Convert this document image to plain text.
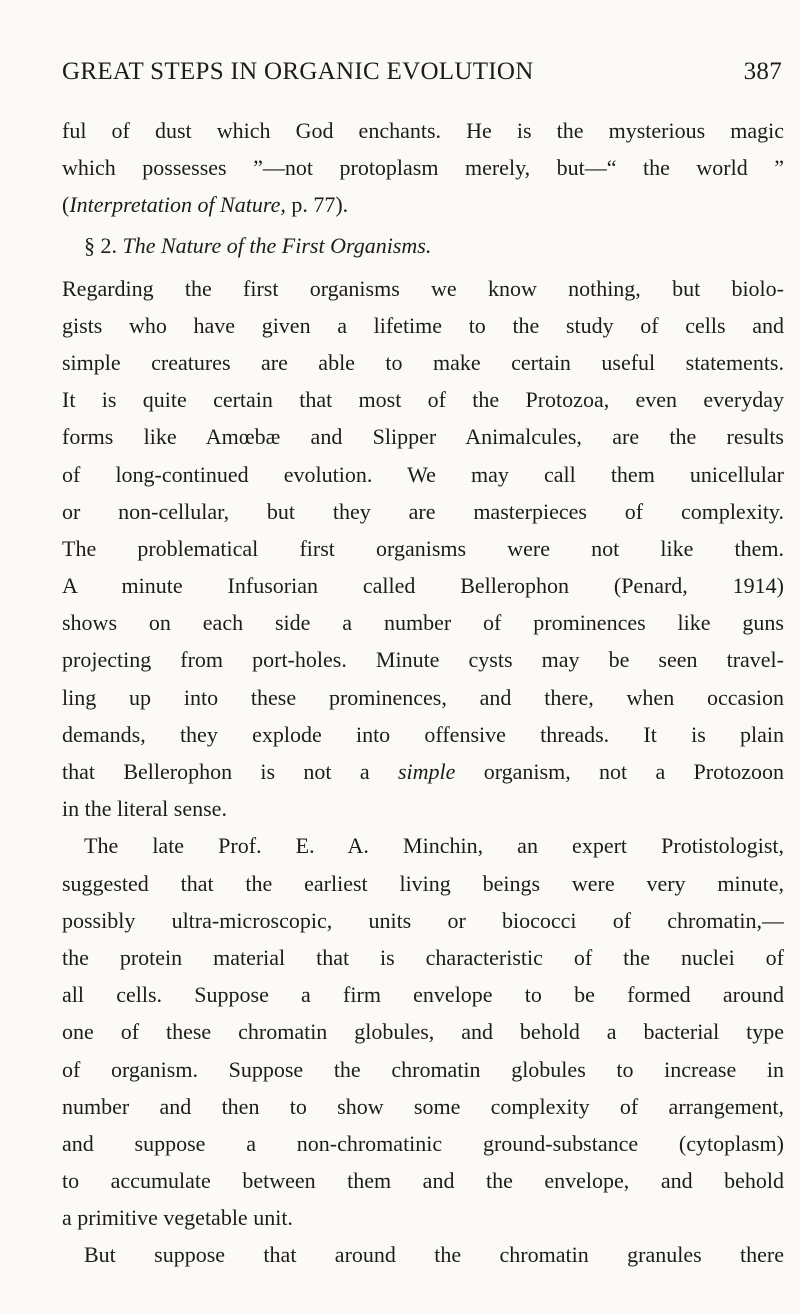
GREAT STEPS IN ORGANIC EVOLUTION	387
ful of dust which God enchants. He is the mysterious magic
which possesses ”—not protoplasm merely, but—“ the world ”
(Interpretation of Nature, p. 77).
§ 2. The Nature of the First Organisms.
Regarding the first organisms we know nothing, but biolo-
gists who have given a lifetime to the study of cells and
simple creatures are able to make certain useful statements.
It is quite certain that most of the Protozoa, even everyday
forms like Amœbæ and Slipper Animalcules, are the results
of long-continued evolution. We may call them unicellular
or non-cellular, but they are masterpieces of complexity.
The problematical first organisms were not like them.
A minute Infusorian called Bellerophon (Penard, 1914)
shows on each side a number of prominences like guns
projecting from port-holes. Minute cysts may be seen travel-
ling up into these prominences, and there, when occasion
demands, they explode into offensive threads. It is plain
that Bellerophon is not a simple organism, not a Protozoon
in the literal sense.
The late Prof. E. A. Minchin, an expert Protistologist,
suggested that the earliest living beings were very minute,
possibly ultra-microscopic, units or biococci of chromatin,—
the protein material that is characteristic of the nuclei of
all cells. Suppose a firm envelope to be formed around
one of these chromatin globules, and behold a bacterial type
of organism. Suppose the chromatin globules to increase in
number and then to show some complexity of arrangement,
and suppose a non-chromatinic ground-substance (cytoplasm)
to accumulate between them and the envelope, and behold
a primitive vegetable unit.
But suppose that around the chromatin granules there
